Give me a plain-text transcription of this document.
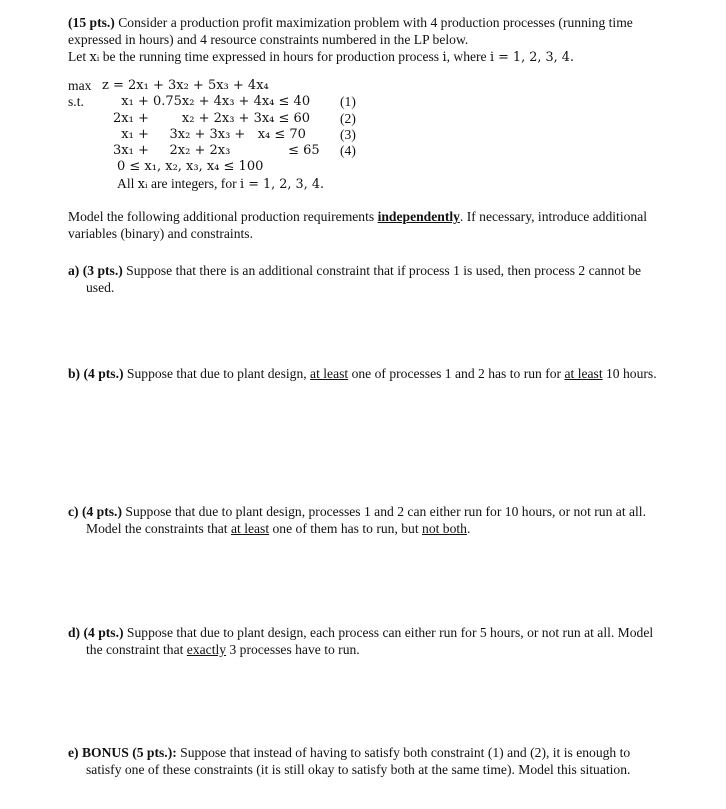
(15 pts.) Consider a production profit maximization problem with 4 production processes (running time expressed in hours) and 4 resource constraints numbered in the LP below.

Let xᵢ be the running time expressed in hours for production process i, where i = 1, 2, 3, 4.

max z = 2x₁ + 3x₂ + 5x₃ + 4x₄
s.t. x₁ + 0.75x₂ + 4x₃ + 4x₄ ≤ 40 (1)
2x₁ +        x₂ + 2x₃ + 3x₄ ≤ 60 (2)
x₁ +     3x₂ + 3x₃ +   x₄ ≤ 70	(3)
3x₁ +     2x₂ + 2x₃              ≤ 65 (4)
0 ≤ x₁, x₂, x₃, x₄ ≤ 100
All xᵢ are integers, for i = 1, 2, 3, 4.

Model the following additional production requirements independently. If necessary, introduce additional variables (binary) and constraints.

a) (3 pts.) Suppose that there is an additional constraint that if process 1 is used, then process 2 cannot be used.

b) (4 pts.) Suppose that due to plant design, at least one of processes 1 and 2 has to run for at least 10 hours.

c) (4 pts.) Suppose that due to plant design, processes 1 and 2 can either run for 10 hours, or not run at all. Model the constraints that at least one of them has to run, but not both.

d) (4 pts.) Suppose that due to plant design, each process can either run for 5 hours, or not run at all. Model the constraint that exactly 3 processes have to run.

e) BONUS (5 pts.): Suppose that instead of having to satisfy both constraint (1) and (2), it is enough to satisfy one of these constraints (it is still okay to satisfy both at the same time). Model this situation.
